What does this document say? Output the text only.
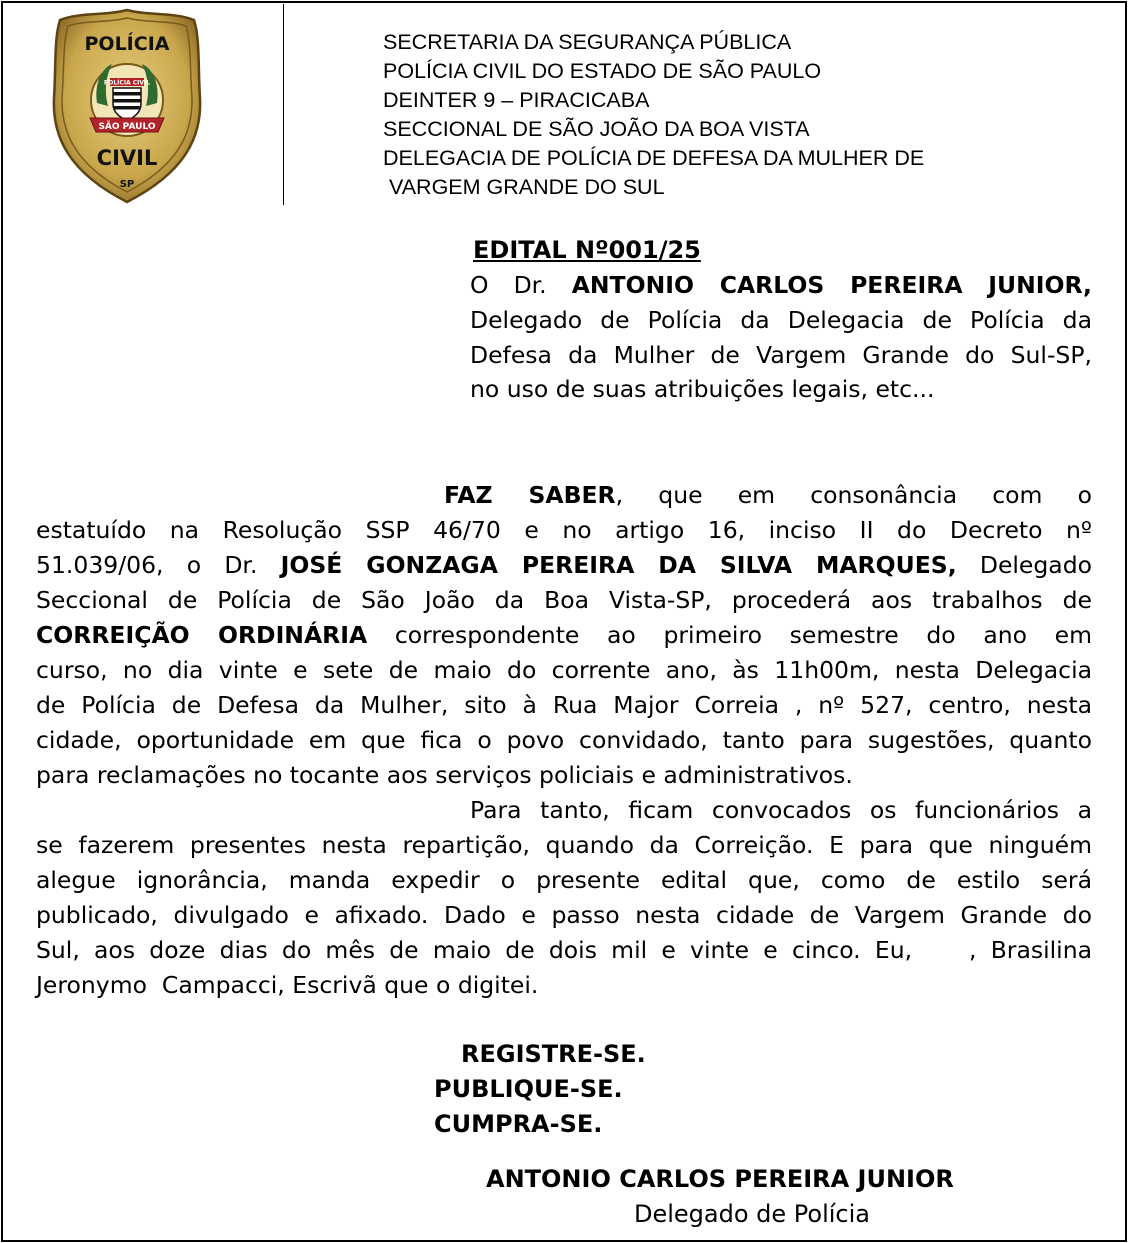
POLÍCIA
POLÍCIA CIVIL
SÃO PAULO
CIVIL
SP
SECRETARIA DA SEGURANÇA PÚBLICA
POLÍCIA CIVIL DO ESTADO DE SÃO PAULO
DEINTER 9 – PIRACICABA
SECCIONAL DE SÃO JOÃO DA BOA VISTA
DELEGACIA DE POLÍCIA DE DEFESA DA MULHER DE
VARGEM GRANDE DO SUL
EDITAL Nº001/25
O Dr. ANTONIO CARLOS PEREIRA JUNIOR,
Delegado de Polícia da Delegacia de Polícia da
Defesa da Mulher de Vargem Grande do Sul-SP,
no uso de suas atribuições legais, etc...
FAZ SABER, que em consonância com o
estatuído na Resolução SSP 46/70 e no artigo 16, inciso II do Decreto nº
51.039/06, o Dr. JOSÉ GONZAGA PEREIRA DA SILVA MARQUES, Delegado
Seccional de Polícia de São João da Boa Vista-SP, procederá aos trabalhos de
CORREIÇÃO ORDINÁRIA correspondente ao primeiro semestre do ano em
curso, no dia vinte e sete de maio do corrente ano, às 11h00m, nesta Delegacia
de Polícia de Defesa da Mulher, sito à Rua Major Correia , nº 527, centro, nesta
cidade, oportunidade em que fica o povo convidado, tanto para sugestões, quanto
para reclamações no tocante aos serviços policiais e administrativos.
Para tanto, ficam convocados os funcionários a
se fazerem presentes nesta repartição, quando da Correição. E para que ninguém
alegue ignorância, manda expedir o presente edital que, como de estilo será
publicado, divulgado e afixado. Dado e passo nesta cidade de Vargem Grande do
Sul, aos doze dias do mês de maio de dois mil e vinte e cinco. Eu,    , Brasilina
Jeronymo  Campacci, Escrivã que o digitei.
REGISTRE-SE.
PUBLIQUE-SE.
CUMPRA-SE.
ANTONIO CARLOS PEREIRA JUNIOR
Delegado de Polícia
